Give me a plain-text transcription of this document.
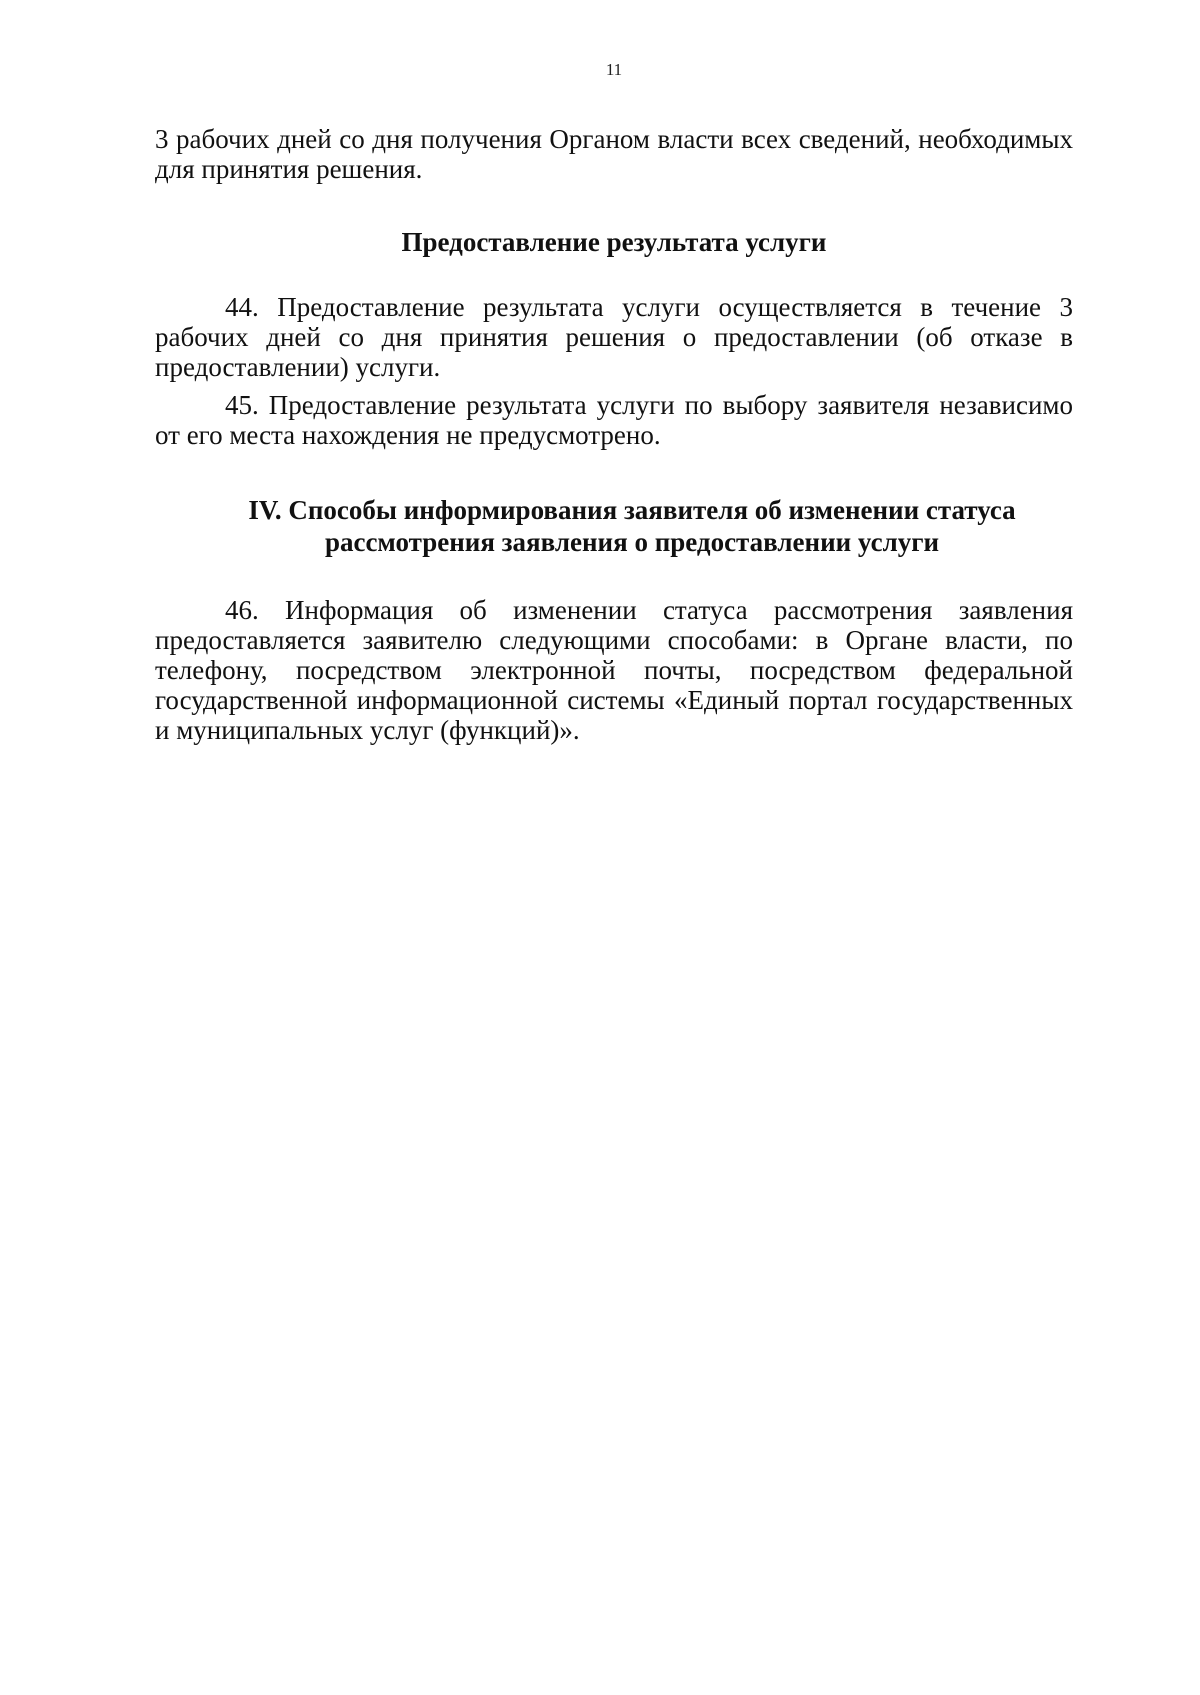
11

3 рабочих дней со дня получения Органом власти всех сведений, необходимых для принятия решения.

Предоставление результата услуги

44. Предоставление результата услуги осуществляется в течение 3 рабочих дней со дня принятия решения о предоставлении (об отказе в предоставлении) услуги.

45. Предоставление результата услуги по выбору заявителя независимо от его места нахождения не предусмотрено.

IV. Способы информирования заявителя об изменении статуса
рассмотрения заявления о предоставлении услуги

46. Информация об изменении статуса рассмотрения заявления предоставляется заявителю следующими способами: в Органе власти, по телефону, посредством электронной почты, посредством федеральной государственной информационной системы «Единый портал государственных и муниципальных услуг (функций)».
